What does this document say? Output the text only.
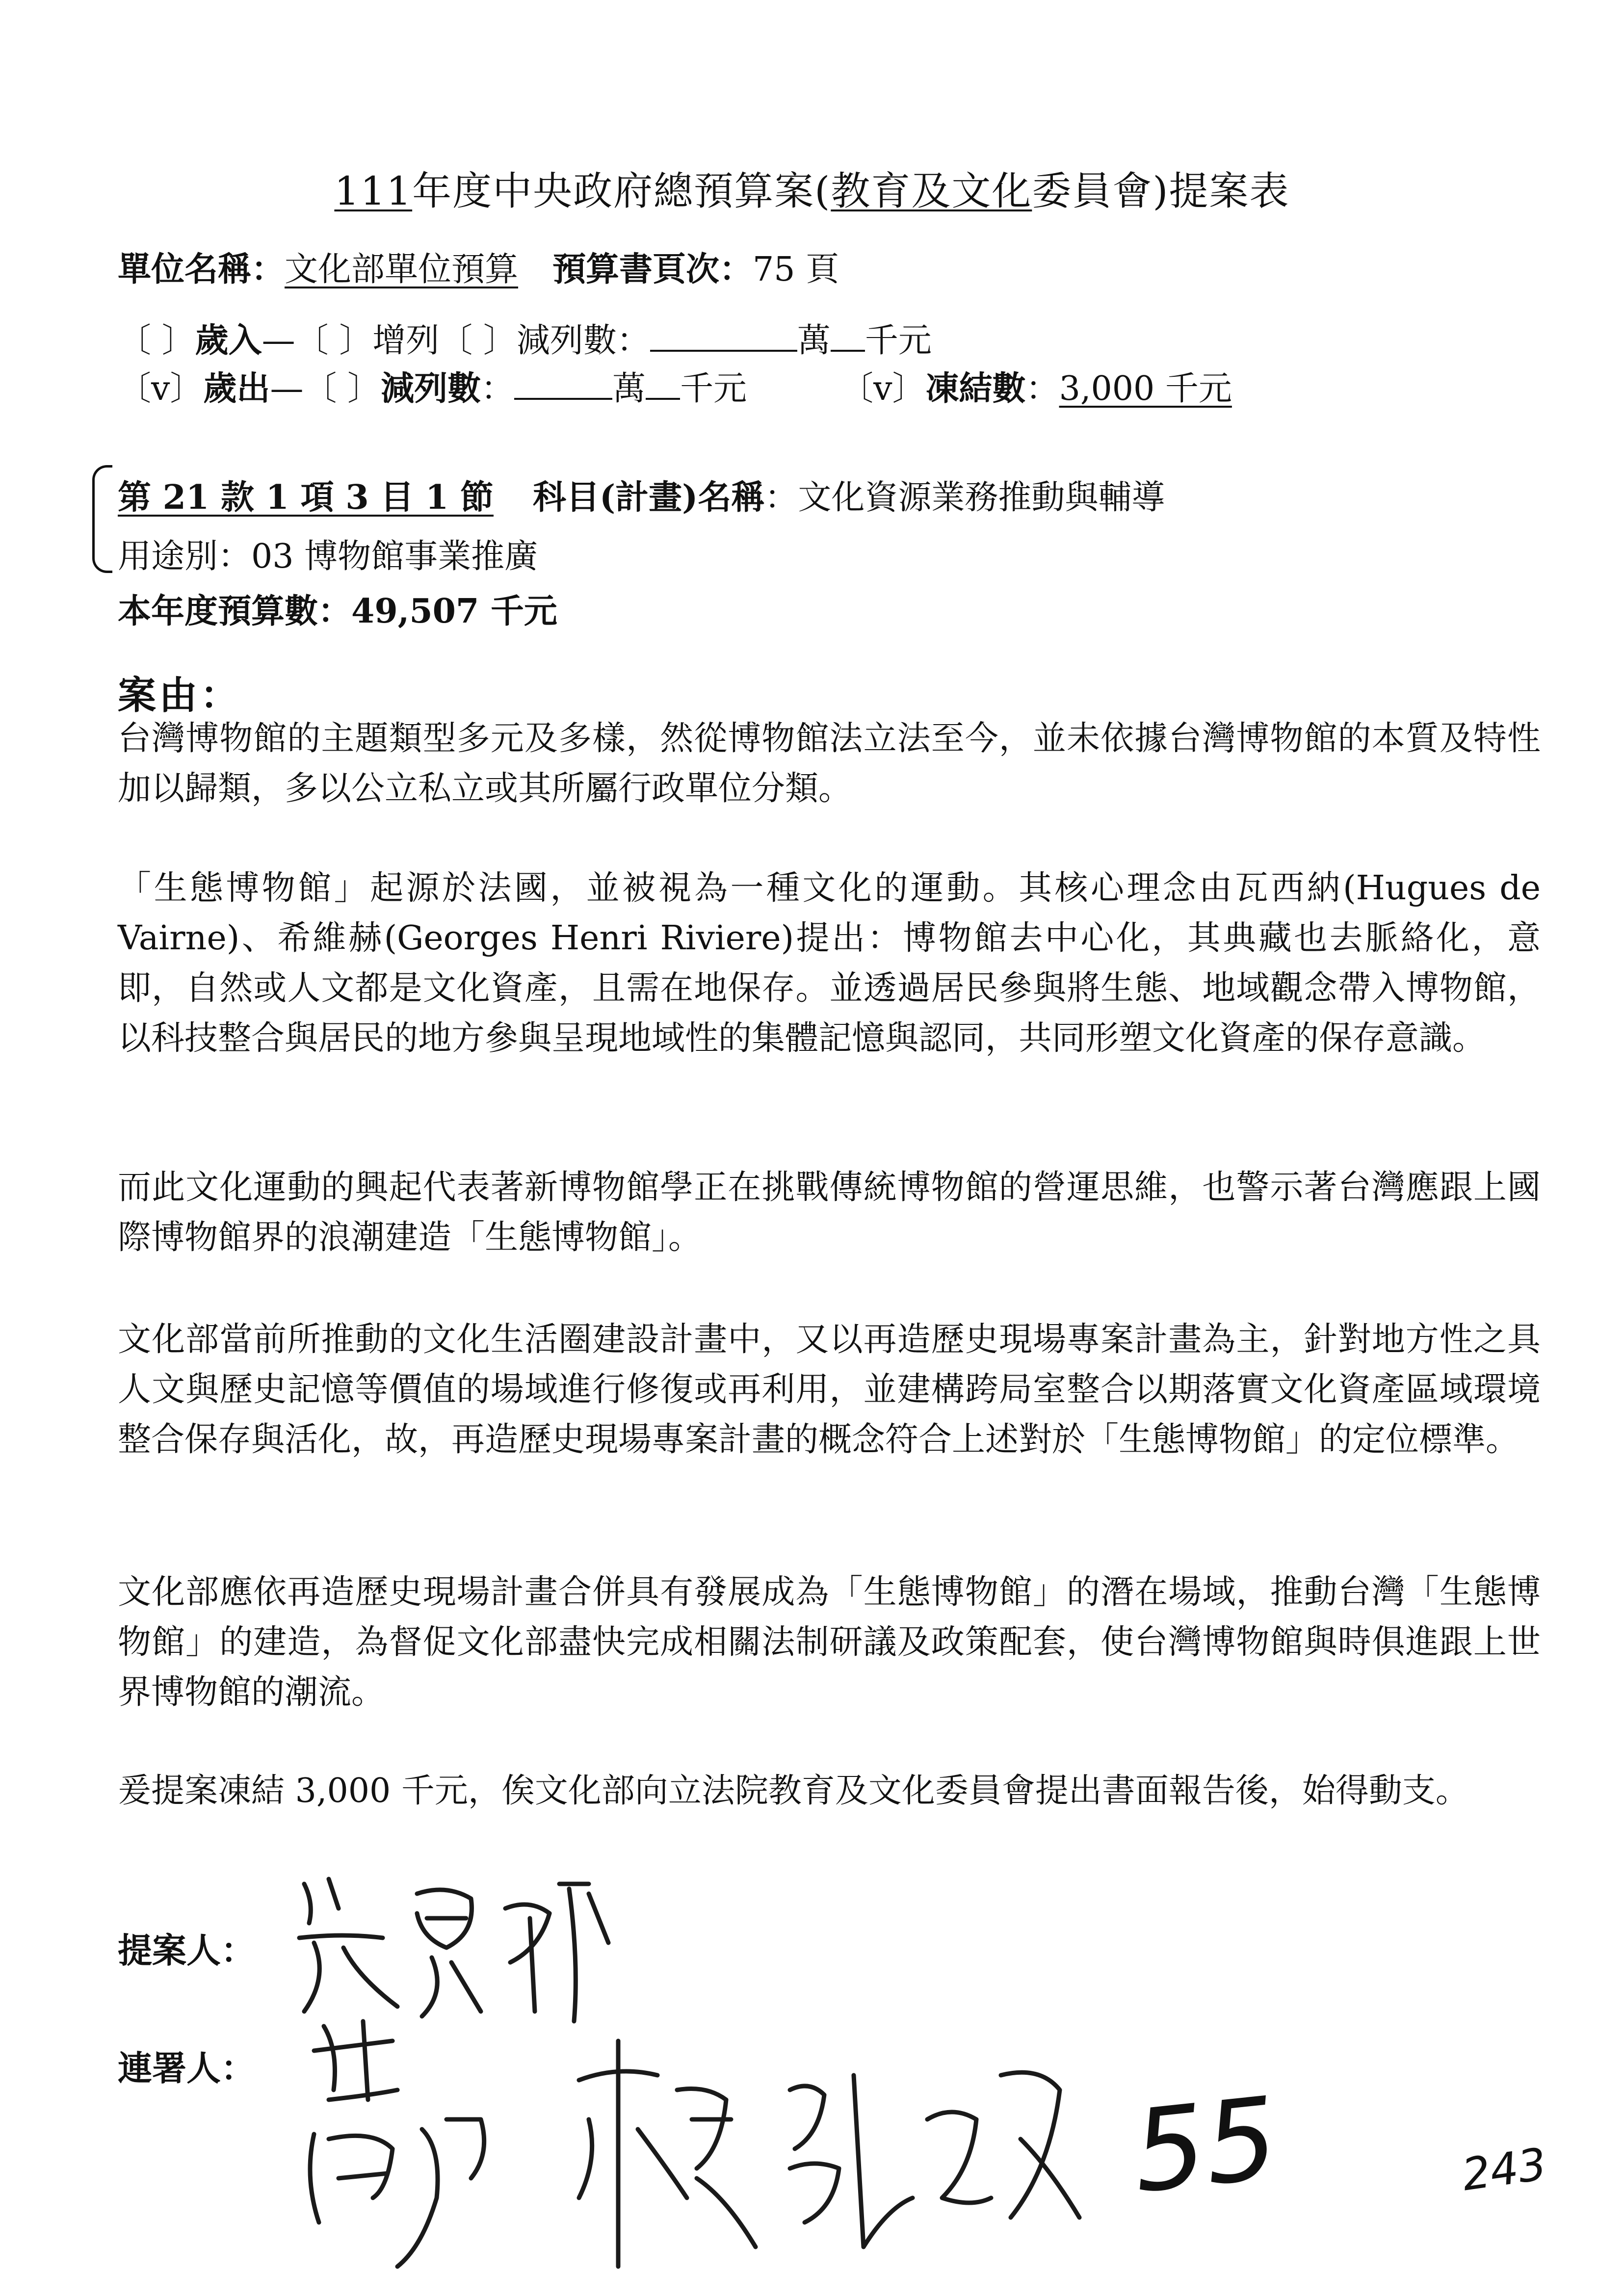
111年度中央政府總預算案(教育及文化委員會)提案表
單位名稱：文化部單位預算 預算書頁次：75 頁
〔 〕歲入—〔 〕增列〔 〕減列數：	萬 千元
〔v〕歲出—〔 〕減列數：	萬 千元	〔v〕凍結數：3,000 千元
第 21 款 1 項 3 目 1 節 科目(計畫)名稱：文化資源業務推動與輔導
用途別：03 博物館事業推廣
本年度預算數：49,507 千元
案由：
台灣博物館的主題類型多元及多樣，然從博物館法立法至今，並未依據台灣博物館的本質及特性加以歸類，多以公立私立或其所屬行政單位分類。
「生態博物館」起源於法國，並被視為一種文化的運動。其核心理念由瓦西納(Hugues de Vairne)、希維赫(Georges Henri Riviere)提出：博物館去中心化，其典藏也去脈絡化，意即，自然或人文都是文化資產，且需在地保存。並透過居民參與將生態、地域觀念帶入博物館，以科技整合與居民的地方參與呈現地域性的集體記憶與認同，共同形塑文化資產的保存意識。
而此文化運動的興起代表著新博物館學正在挑戰傳統博物館的營運思維，也警示著台灣應跟上國際博物館界的浪潮建造「生態博物館」。
文化部當前所推動的文化生活圈建設計畫中，又以再造歷史現場專案計畫為主，針對地方性之具人文與歷史記憶等價值的場域進行修復或再利用，並建構跨局室整合以期落實文化資產區域環境整合保存與活化，故，再造歷史現場專案計畫的概念符合上述對於「生態博物館」的定位標準。
文化部應依再造歷史現場計畫合併具有發展成為「生態博物館」的潛在場域，推動台灣「生態博物館」的建造，為督促文化部盡快完成相關法制研議及政策配套，使台灣博物館與時俱進跟上世界博物館的潮流。
爰提案凍結 3,000 千元，俟文化部向立法院教育及文化委員會提出書面報告後，始得動支。
提案人：
連署人：
55	243
